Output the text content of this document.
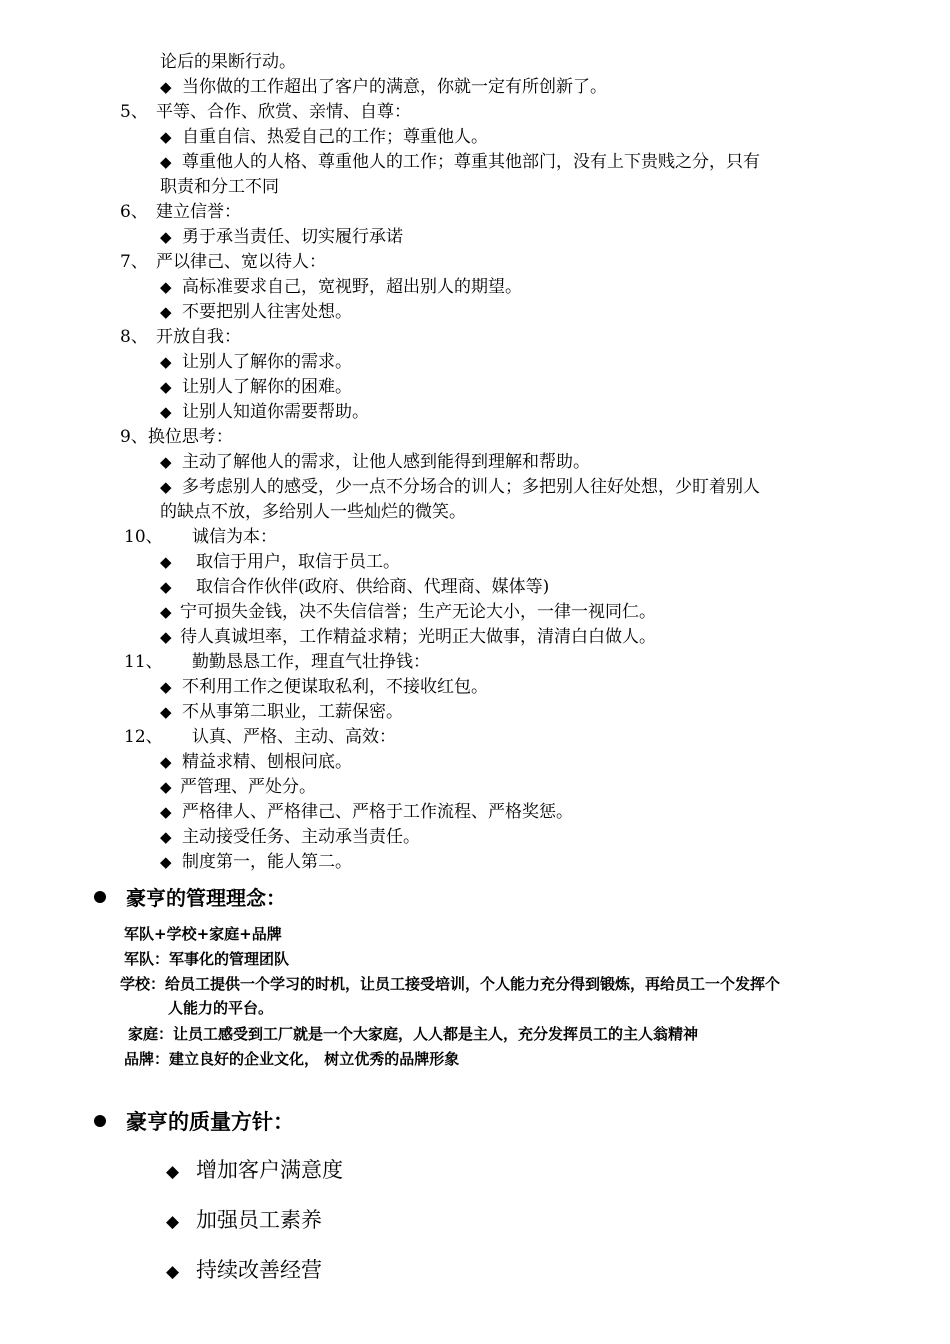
论后的果断行动。
◆ 当你做的工作超出了客户的满意，你就一定有所创新了。
5、 平等、合作、欣赏、亲情、自尊：
◆ 自重自信、热爱自己的工作；尊重他人。
◆ 尊重他人的人格、尊重他人的工作；尊重其他部门，没有上下贵贱之分，只有
职责和分工不同
6、 建立信誉：
◆ 勇于承当责任、切实履行承诺
7、 严以律己、宽以待人：
◆ 高标准要求自己，宽视野，超出别人的期望。
◆ 不要把别人往害处想。
8、 开放自我：
◆ 让别人了解你的需求。
◆ 让别人了解你的困难。
◆ 让别人知道你需要帮助。
9、换位思考：
◆ 主动了解他人的需求，让他人感到能得到理解和帮助。
◆ 多考虑别人的感受，少一点不分场合的训人；多把别人往好处想，少盯着别人
的缺点不放，多给别人一些灿烂的微笑。
10、 诚信为本：
◆ 取信于用户，取信于员工。
◆ 取信合作伙伴(政府、供给商、代理商、媒体等)
◆ 宁可损失金钱，决不失信信誉；生产无论大小，一律一视同仁。
◆ 待人真诚坦率，工作精益求精；光明正大做事，清清白白做人。
11、 勤勤恳恳工作，理直气壮挣钱：
◆ 不利用工作之便谋取私利，不接收红包。
◆ 不从事第二职业，工薪保密。
12、 认真、严格、主动、高效：
◆ 精益求精、刨根问底。
◆ 严管理、严处分。
◆ 严格律人、严格律己、严格于工作流程、严格奖惩。
◆ 主动接受任务、主动承当责任。
◆ 制度第一，能人第二。
豪亨的管理理念：
军队+学校+家庭+品牌
军队：军事化的管理团队
学校：给员工提供一个学习的时机，让员工接受培训，个人能力充分得到锻炼，再给员工一个发挥个
人能力的平台。
家庭：让员工感受到工厂就是一个大家庭，人人都是主人，充分发挥员工的主人翁精神
品牌：建立良好的企业文化， 树立优秀的品牌形象
豪亨的质量方针：
◆ 增加客户满意度
◆ 加强员工素养
◆ 持续改善经营
